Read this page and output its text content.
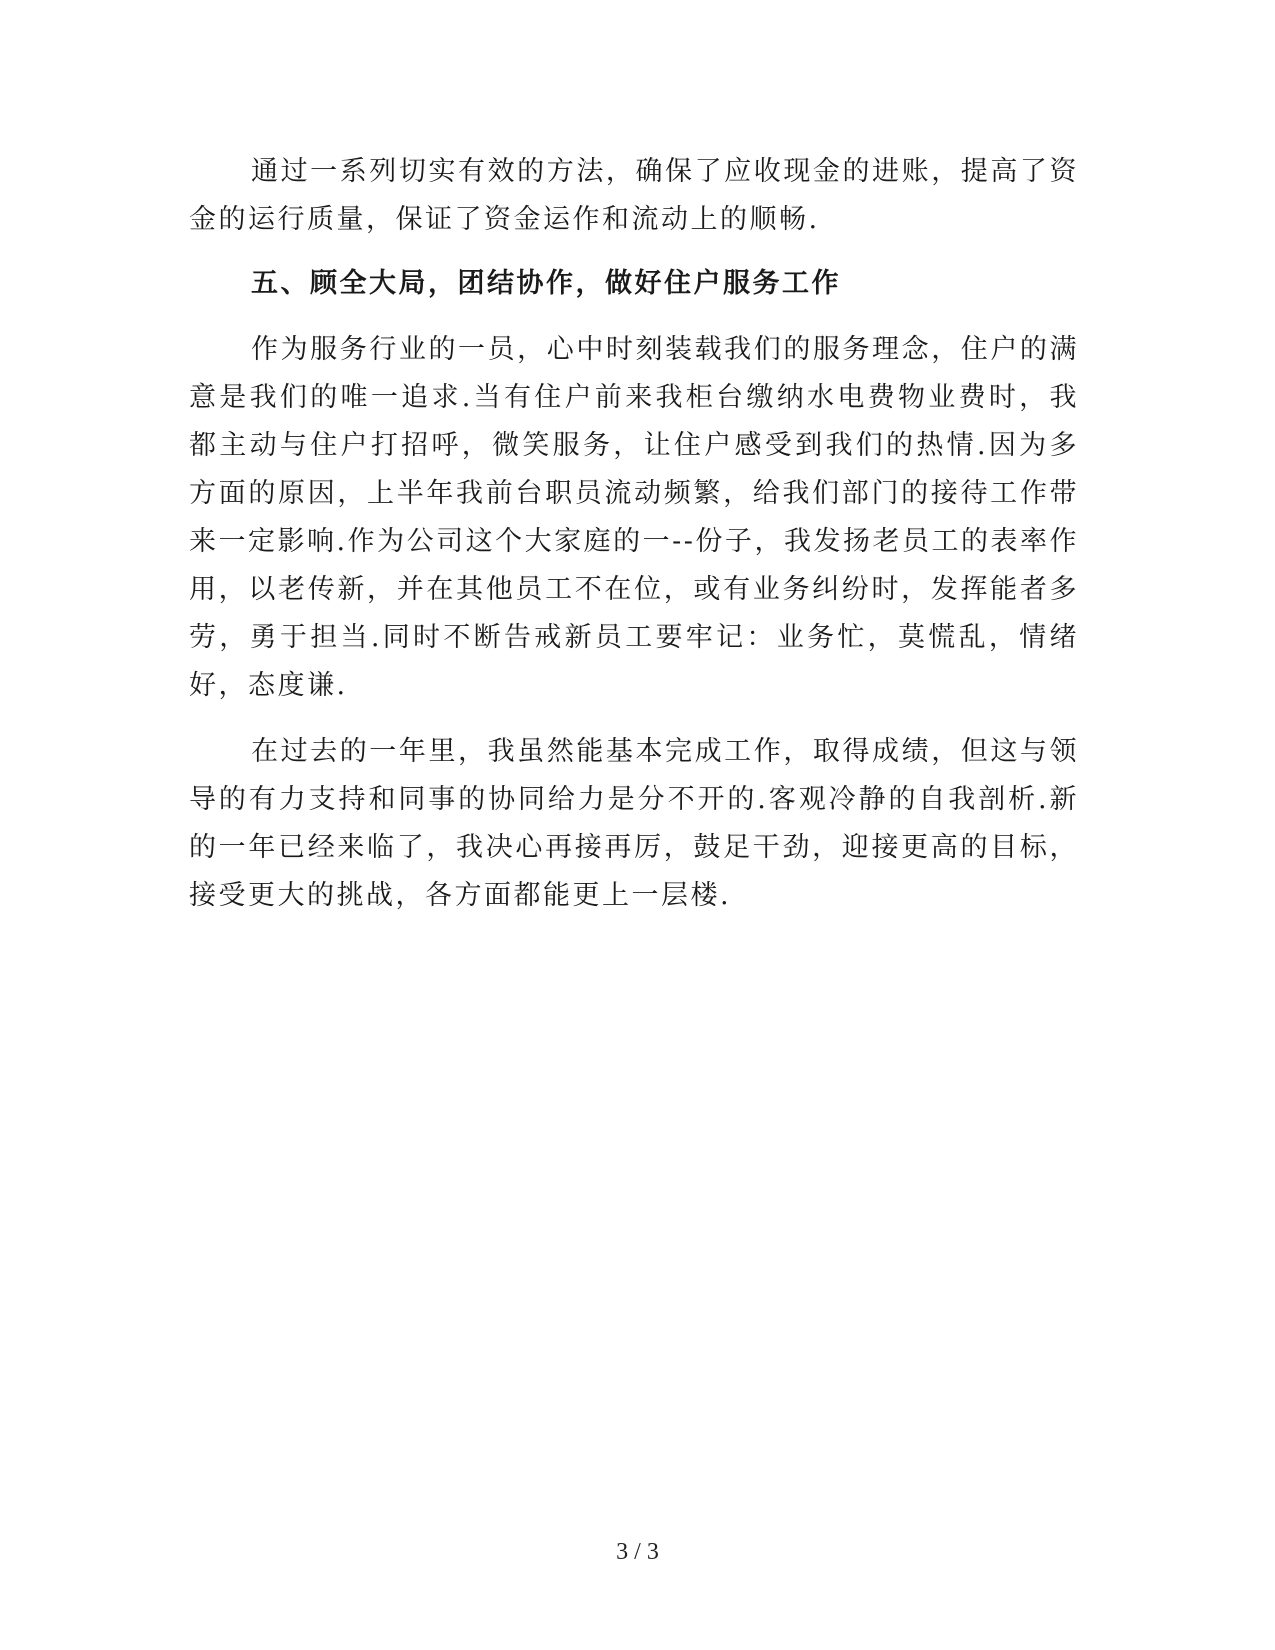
通过一系列切实有效的方法，确保了应收现金的进账，提高了资金的运行质量，保证了资金运作和流动上的顺畅.

五、顾全大局，团结协作，做好住户服务工作

作为服务行业的一员，心中时刻装载我们的服务理念，住户的满意是我们的唯一追求.当有住户前来我柜台缴纳水电费物业费时，我都主动与住户打招呼，微笑服务，让住户感受到我们的热情.因为多方面的原因，上半年我前台职员流动频繁，给我们部门的接待工作带来一定影响.作为公司这个大家庭的一--份子，我发扬老员工的表率作用，以老传新，并在其他员工不在位，或有业务纠纷时，发挥能者多劳，勇于担当.同时不断告戒新员工要牢记：业务忙，莫慌乱，情绪好，态度谦.

在过去的一年里，我虽然能基本完成工作，取得成绩，但这与领导的有力支持和同事的协同给力是分不开的.客观冷静的自我剖析.新的一年已经来临了，我决心再接再厉，鼓足干劲，迎接更高的目标，接受更大的挑战，各方面都能更上一层楼.

3 / 3
